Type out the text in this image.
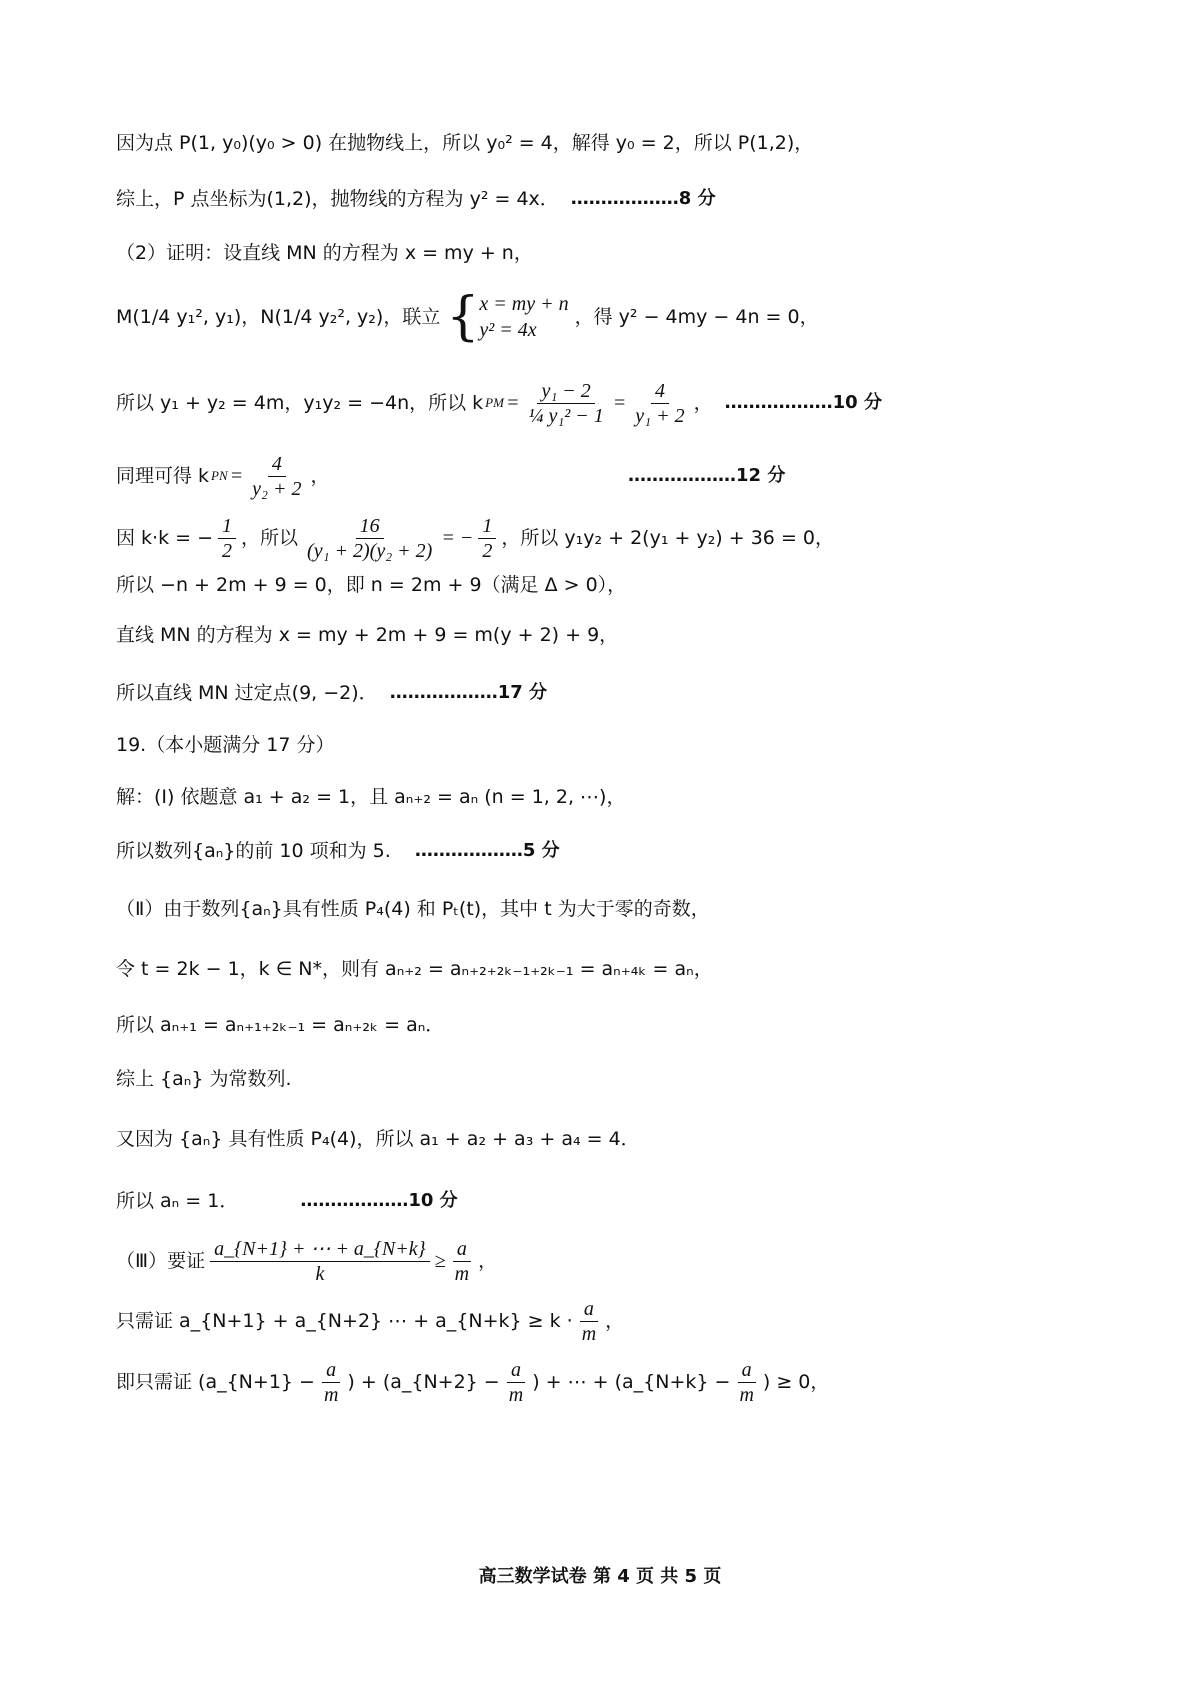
因为点 P(1, y₀)(y₀ > 0) 在抛物线上，所以 y₀² = 4，解得 y₀ = 2，所以 P(1,2)，
综上，P 点坐标为(1,2)，抛物线的方程为 y² = 4x． ………………8 分
（2）证明：设直线 MN 的方程为 x = my + n，
M(1/4 y₁², y₁)，N(1/4 y₂², y₂)，联立 { x = my + n
y² = 4x
，得 y² − 4my − 4n = 0，
所以 y₁ + y₂ = 4m，y₁y₂ = −4n，所以 k PM = $\frac{\text{y₁ − 2}}{\text{¼ y₁² − 1}} = \frac{4}{\text{y₁ + 2}}$ ， ………………10 分
同理可得 k PN = $\frac{4}{\text{y₂ + 2}}$ ，	………………12 分
因 k·k = − $\frac{1}{2}$ ，所以 $\frac{16}{\text{(y₁ + 2)(y₂ + 2)}}$ = − $\frac{1}{2}$ ，所以 y₁y₂ + 2(y₁ + y₂) + 36 = 0，
所以 −n + 2m + 9 = 0，即 n = 2m + 9（满足 Δ > 0），
直线 MN 的方程为 x = my + 2m + 9 = m(y + 2) + 9，
所以直线 MN 过定点(9, −2)． ………………17 分
19.（本小题满分 17 分）
解：(Ⅰ) 依题意 a₁ + a₂ = 1，且 aₙ₊₂ = aₙ (n = 1, 2, ⋯)，
所以数列{aₙ}的前 10 项和为 5. ………………5 分
（Ⅱ）由于数列{aₙ}具有性质 P₄(4) 和 Pₜ(t)，其中 t 为大于零的奇数，
令 t = 2k − 1，k ∈ N*，则有 aₙ₊₂ = aₙ₊₂₊₂ₖ₋₁₊₂ₖ₋₁ = aₙ₊₄ₖ = aₙ，
所以 aₙ₊₁ = aₙ₊₁₊₂ₖ₋₁ = aₙ₊₂ₖ = aₙ．
综上 {aₙ} 为常数列.
又因为 {aₙ} 具有性质 P₄(4)，所以 a₁ + a₂ + a₃ + a₄ = 4．
所以 aₙ = 1．	………………10 分
（Ⅲ）要证 $\frac{a\_\{N+1\} + \cdots + a\_\{N+k\}}{k} \ge \frac{a}{m}$ ，
只需证 a_{N+1} + a_{N+2} ⋯ + a_{N+k} ≥ $k \cdot \frac{a}{m}$ ，
即只需证 (a_{N+1} − $\frac{a}{m}$ ) + (a_{N+2} − $\frac{a}{m}$ ) + ⋯ + (a_{N+k} − $\frac{a}{m}$ ) ≥ 0，
高三数学试卷 第 4 页 共 5 页
